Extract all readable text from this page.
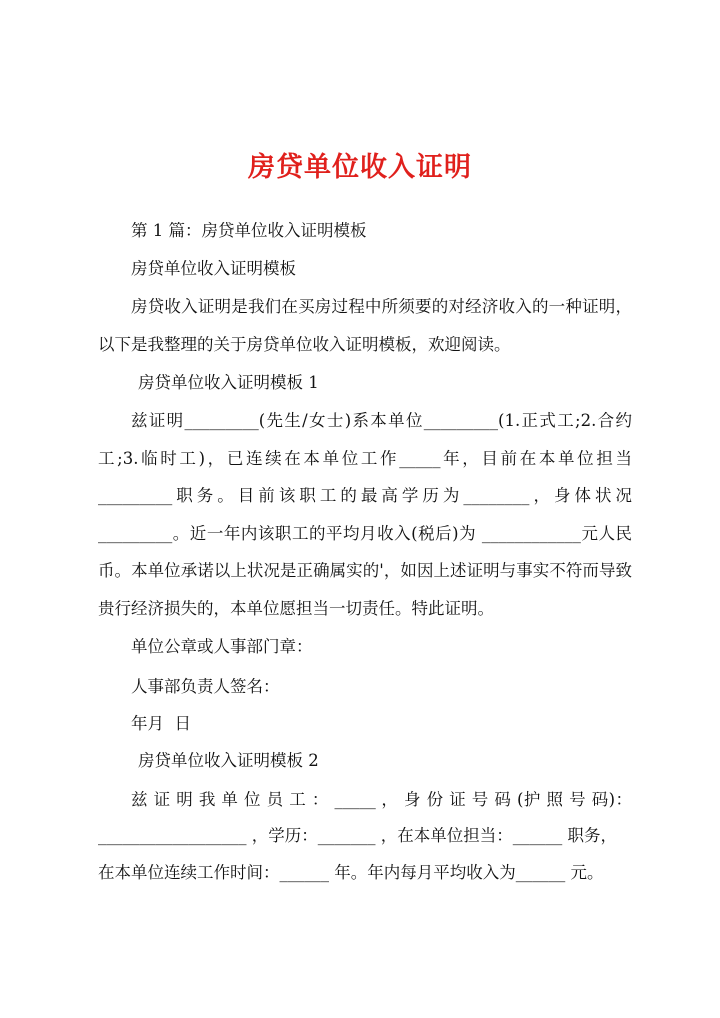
房贷单位收入证明
第 1 篇：房贷单位收入证明模板
房贷单位收入证明模板
房贷收入证明是我们在买房过程中所须要的对经济收入的一种证明，以下是我整理的关于房贷单位收入证明模板，欢迎阅读。
房贷单位收入证明模板 1
兹证明_________(先生/女士)系本单位_________(1.正式工;2.合约工;3.临时工)，已连续在本单位工作_____年，目前在本单位担当_________职务。目前该职工的最高学历为________，身体状况_________。近一年内该职工的平均月收入(税后)为 ____________元人民币。本单位承诺以上状况是正确属实的'，如因上述证明与事实不符而导致贵行经济损失的，本单位愿担当一切责任。特此证明。
单位公章或人事部门章：
人事部负责人签名：
年月  日
房贷单位收入证明模板 2
兹 证 明 我 单 位 员 工 ： _____ ， 身 份 证 号 码 (护 照 号 码)：
__________________ ，学历：_______ ，在本单位担当：______ 职务，
在本单位连续工作时间：______ 年。年内每月平均收入为______ 元。
